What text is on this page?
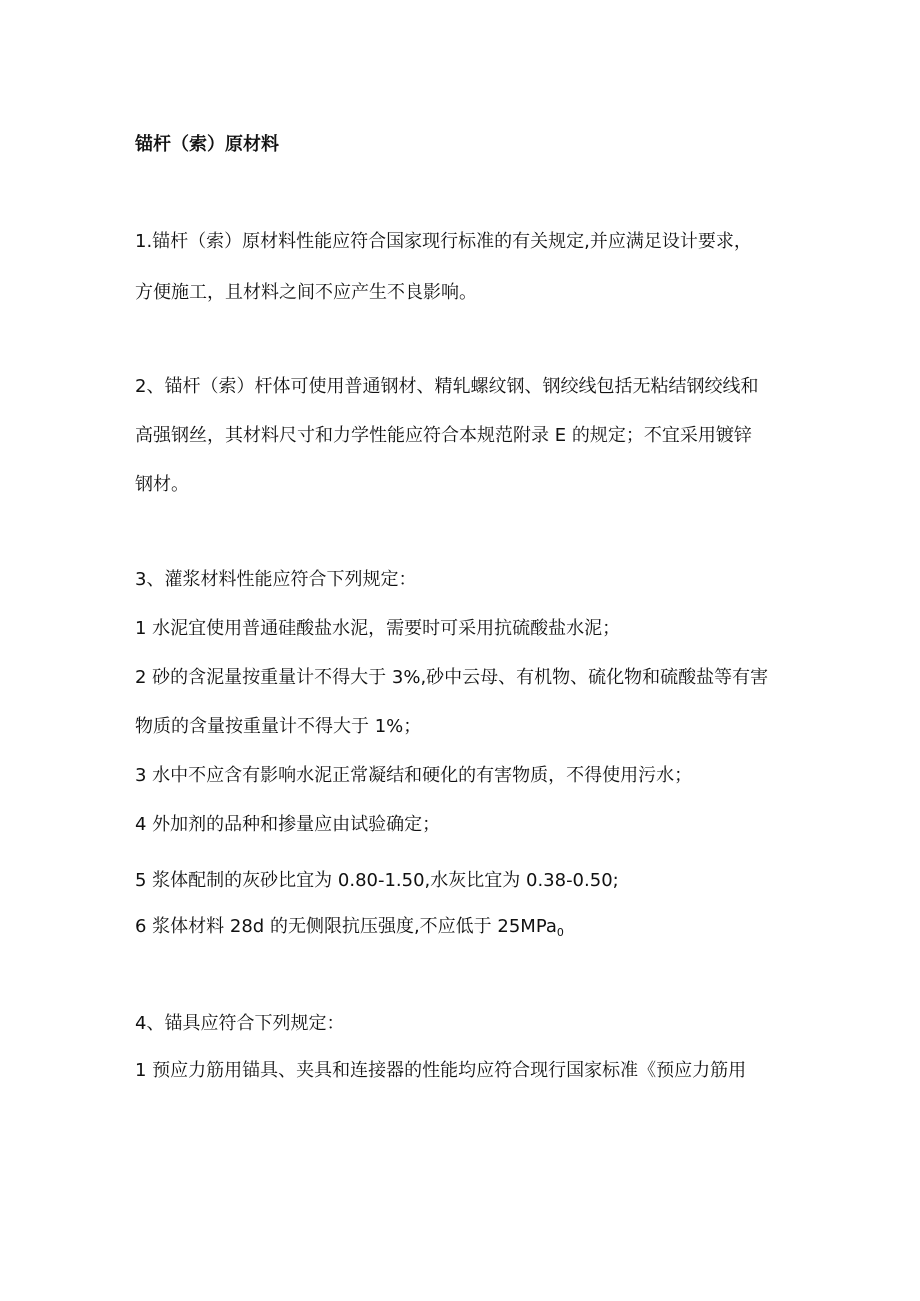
锚杆（索）原材料
1.锚杆（索）原材料性能应符合国家现行标准的有关规定,并应满足设计要求，
方便施工，且材料之间不应产生不良影响。
2、锚杆（索）杆体可使用普通钢材、精轧螺纹钢、钢绞线包括无粘结钢绞线和
高强钢丝，其材料尺寸和力学性能应符合本规范附录 E 的规定；不宜采用镀锌
钢材。
3、灌浆材料性能应符合下列规定：
1 水泥宜使用普通硅酸盐水泥，需要时可采用抗硫酸盐水泥；
2 砂的含泥量按重量计不得大于 3%,砂中云母、有机物、硫化物和硫酸盐等有害
物质的含量按重量计不得大于 1%；
3 水中不应含有影响水泥正常凝结和硬化的有害物质，不得使用污水；
4 外加剂的品种和掺量应由试验确定；
5 浆体配制的灰砂比宜为 0.80-1.50,水灰比宜为 0.38-0.50;
6 浆体材料 28d 的无侧限抗压强度,不应低于 25MPa$_0$
4、锚具应符合下列规定：
1 预应力筋用锚具、夹具和连接器的性能均应符合现行国家标准《预应力筋用
